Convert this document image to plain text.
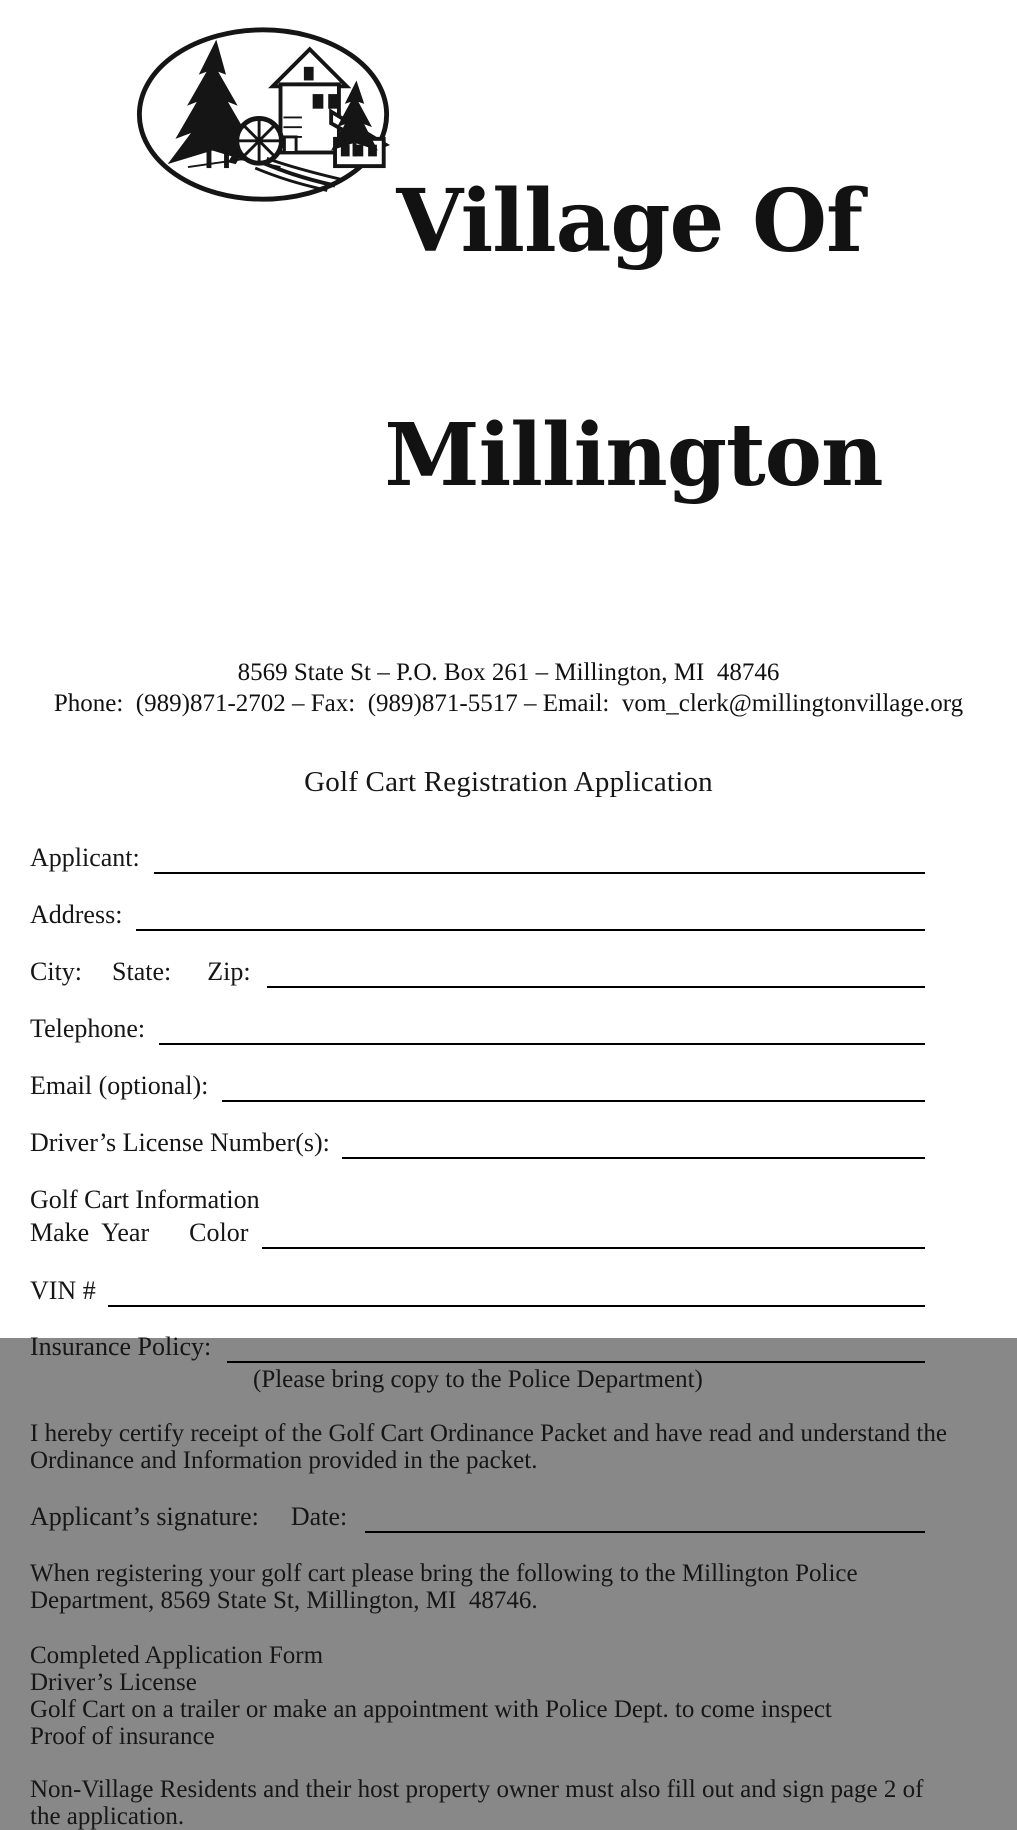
Village Of

Millington

8569 State St – P.O. Box 261 – Millington, MI  48746
Phone:  (989)871-2702 – Fax:  (989)871-5517 – Email:  vom_clerk@millingtonvillage.org
Golf Cart Registration Application
Applicant:
Address:
City: State: Zip:
Telephone:
Email (optional):
Driver’s License Number(s):
Golf Cart Information
Make Year Color
VIN #
Insurance Policy:
(Please bring copy to the Police Department)
I hereby certify receipt of the Golf Cart Ordinance Packet and have read and understand the
Ordinance and Information provided in the packet.
Applicant’s signature: Date:
When registering your golf cart please bring the following to the Millington Police
Department, 8569 State St, Millington, MI  48746.
Completed Application Form
Driver’s License
Golf Cart on a trailer or make an appointment with Police Dept. to come inspect
Proof of insurance
Non-Village Residents and their host property owner must also fill out and sign page 2 of
the application.
